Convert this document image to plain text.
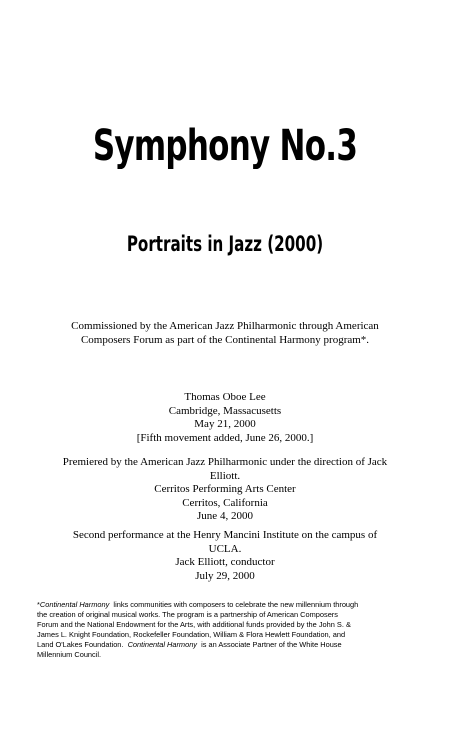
Symphony No.3
Portraits in Jazz (2000)

Commissioned by the American Jazz Philharmonic through American

Composers Forum as part of the Continental Harmony program*.

Thomas Oboe Lee

Cambridge, Massacusetts

May 21, 2000

[Fifth movement added, June 26, 2000.]

Premiered by the American Jazz Philharmonic under the direction of Jack

Elliott.

Cerritos Performing Arts Center

Cerritos, California

June 4, 2000

Second performance at the Henry Mancini Institute on the campus of

UCLA.

Jack Elliott, conductor

July 29, 2000

*Continental Harmony  links communities with composers to celebrate the new millennium through

the creation of original musical works. The program is a partnership of American Composers

Forum and the National Endowment for the Arts, with additional funds provided by the John S. &

James L. Knight Foundation, Rockefeller Foundation, William & Flora Hewlett Foundation, and

Land O'Lakes Foundation.  Continental Harmony  is an Associate Partner of the White House

Millennium Council.
